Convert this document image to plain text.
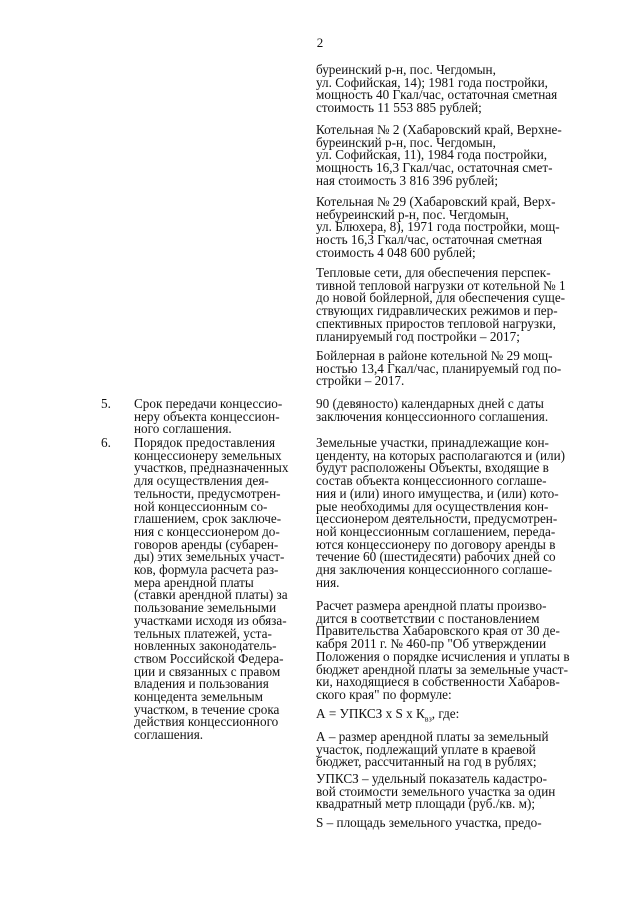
2
буреинский р-н, пос. Чегдомын,
ул. Софийская, 14); 1981 года постройки,
мощность 40 Гкал/час, остаточная сметная
стоимость 11 553 885 рублей;
Котельная № 2 (Хабаровский край, Верхне-
буреинский р-н, пос. Чегдомын,
ул. Софийская, 11), 1984 года постройки,
мощность 16,3 Гкал/час, остаточная смет-
ная стоимость 3 816 396 рублей;
Котельная № 29 (Хабаровский край, Верх-
небуреинский р-н, пос. Чегдомын,
ул. Блюхера, 8), 1971 года постройки, мощ-
ность 16,3 Гкал/час, остаточная сметная
стоимость 4 048 600 рублей;
Тепловые сети, для обеспечения перспек-
тивной тепловой нагрузки от котельной № 1
до новой бойлерной, для обеспечения суще-
ствующих гидравлических режимов и пер-
спективных приростов тепловой нагрузки,
планируемый год постройки – 2017;
Бойлерная в районе котельной № 29 мощ-
ностью 13,4 Гкал/час, планируемый год по-
стройки – 2017.
5. Срок передачи концессио-
неру объекта концессион-
ного соглашения.
90 (девяносто) календарных дней с даты
заключения концессионного соглашения.
6. Порядок предоставления
концессионеру земельных
участков, предназначенных
для осуществления дея-
тельности, предусмотрен-
ной концессионным со-
глашением, срок заключе-
ния с концессионером до-
говоров аренды (субарен-
ды) этих земельных участ-
ков, формула расчета раз-
мера арендной платы
(ставки арендной платы) за
пользование земельными
участками исходя из обяза-
тельных платежей, уста-
новленных законодатель-
ством Российской Федера-
ции и связанных с правом
владения и пользования
концедента земельным
участком, в течение срока
действия концессионного
соглашения.
Земельные участки, принадлежащие кон-
ценденту, на которых располагаются и (или)
будут расположены Объекты, входящие в
состав объекта концессионного соглаше-
ния и (или) иного имущества, и (или) кото-
рые необходимы для осуществления кон-
цессионером деятельности, предусмотрен-
ной концессионным соглашением, переда-
ются концессионеру по договору аренды в
течение 60 (шестидесяти) рабочих дней со
дня заключения концессионного соглаше-
ния.
Расчет размера арендной платы произво-
дится в соответствии с постановлением
Правительства Хабаровского края от 30 де-
кабря 2011 г. № 460-пр "Об утверждении
Положения о порядке исчисления и уплаты в
бюджет арендной платы за земельные участ-
ки, находящиеся в собственности Хабаров-
ского края" по формуле:
А = УПКСЗ х S х $К_{вз}$, где:
А – размер арендной платы за земельный
участок, подлежащий уплате в краевой
бюджет, рассчитанный на год в рублях;
УПКСЗ – удельный показатель кадастро-
вой стоимости земельного участка за один
квадратный метр площади (руб./кв. м);
S – площадь земельного участка, предо-
